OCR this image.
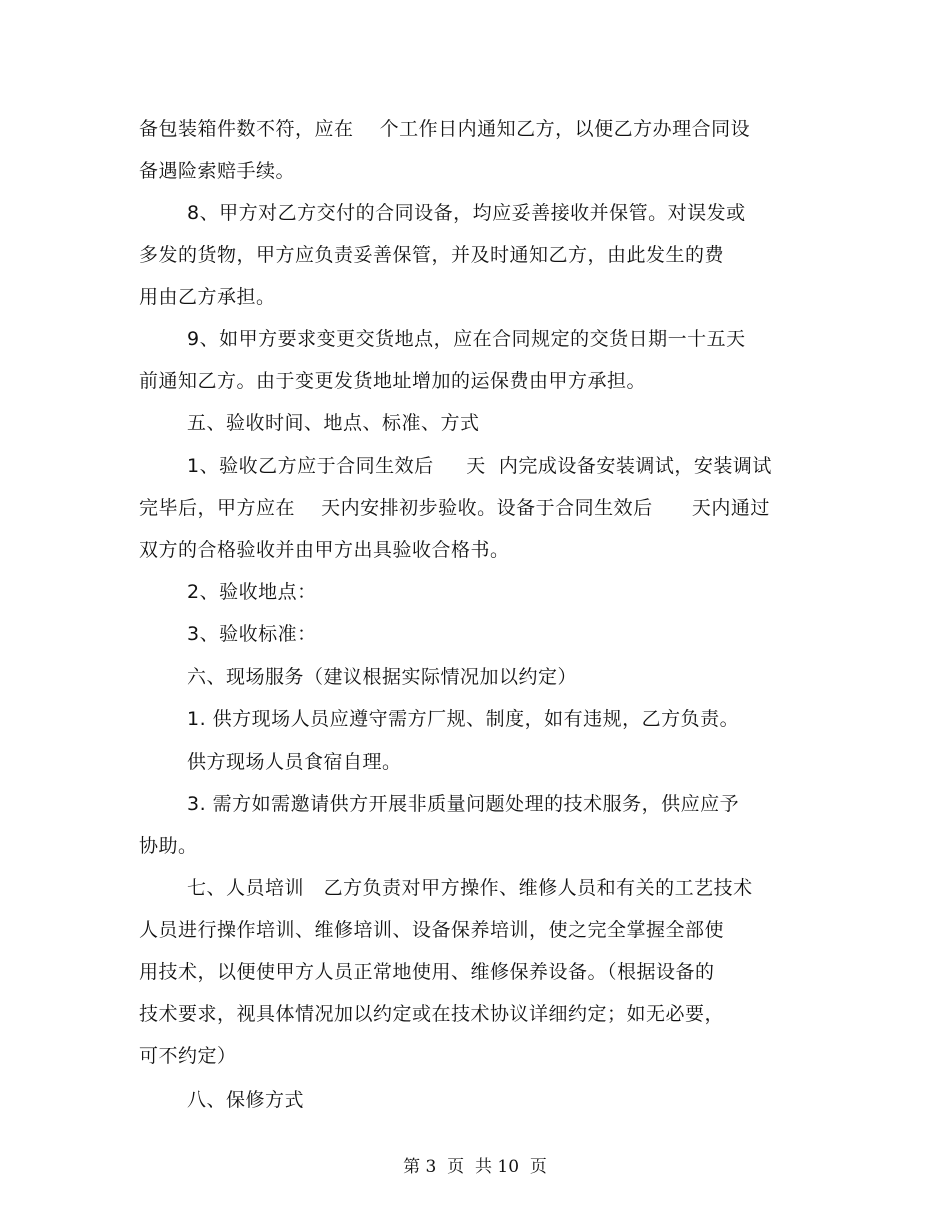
备包装箱件数不符，应在    个工作日内通知乙方，以便乙方办理合同设
备遇险索赔手续。
8、甲方对乙方交付的合同设备，均应妥善接收并保管。对误发或
多发的货物，甲方应负责妥善保管，并及时通知乙方，由此发生的费
用由乙方承担。
9、如甲方要求变更交货地点，应在合同规定的交货日期一十五天
前通知乙方。由于变更发货地址增加的运保费由甲方承担。
五、验收时间、地点、标准、方式
1、验收乙方应于合同生效后     天  内完成设备安装调试，安装调试
完毕后，甲方应在    天内安排初步验收。设备于合同生效后      天内通过
双方的合格验收并由甲方出具验收合格书。
2、验收地点：
3、验收标准：
六、现场服务（建议根据实际情况加以约定）
1. 供方现场人员应遵守需方厂规、制度，如有违规，乙方负责。
供方现场人员食宿自理。
3. 需方如需邀请供方开展非质量问题处理的技术服务，供应应予
协助。
七、人员培训   乙方负责对甲方操作、维修人员和有关的工艺技术
人员进行操作培训、维修培训、设备保养培训，使之完全掌握全部使
用技术，以便使甲方人员正常地使用、维修保养设备。（根据设备的
技术要求，视具体情况加以约定或在技术协议详细约定；如无必要，
可不约定）
八、保修方式
第 3  页  共 10  页
